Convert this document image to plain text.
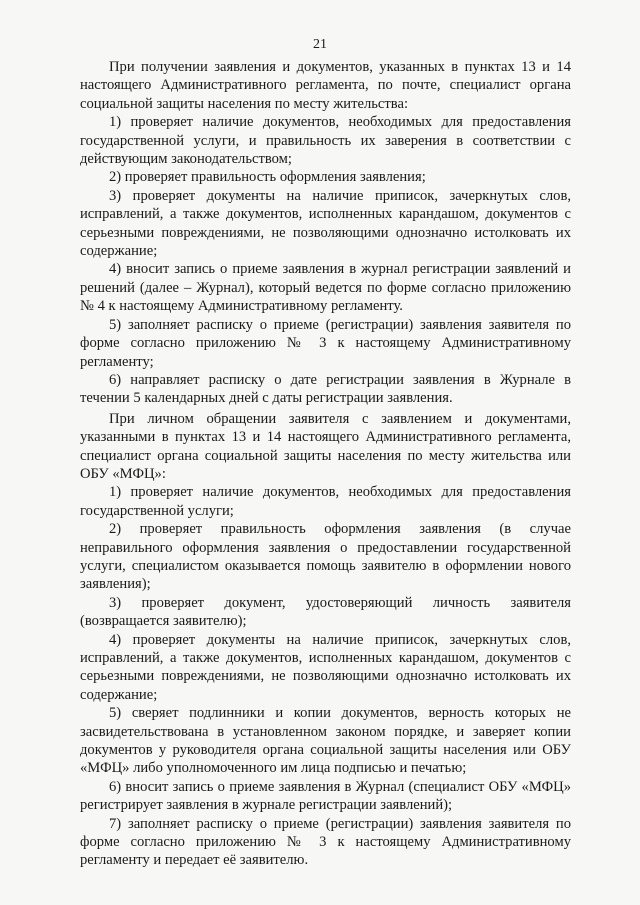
21

При получении заявления и документов, указанных в пунктах 13 и 14 настоящего Административного регламента, по почте, специалист органа социальной защиты населения по месту жительства:

1) проверяет наличие документов, необходимых для предоставления государственной услуги, и правильность их заверения в соответствии с действующим законодательством;

2) проверяет правильность оформления заявления;

3) проверяет документы на наличие приписок, зачеркнутых слов, исправлений, а также документов, исполненных карандашом, документов с серьезными повреждениями, не позволяющими однозначно истолковать их содержание;

4) вносит запись о приеме заявления в журнал регистрации заявлений и решений (далее – Журнал), который ведется по форме согласно приложению № 4 к настоящему Административному регламенту.

5) заполняет расписку о приеме (регистрации) заявления заявителя по форме согласно приложению № 3 к настоящему Административному регламенту;

6) направляет расписку о дате регистрации заявления в Журнале в течении 5 календарных дней с даты регистрации заявления.

При личном обращении заявителя с заявлением и документами, указанными в пунктах 13 и 14 настоящего Административного регламента, специалист органа социальной защиты населения по месту жительства или ОБУ «МФЦ»:

1) проверяет наличие документов, необходимых для предоставления государственной услуги;

2) проверяет правильность оформления заявления (в случае неправильного оформления заявления о предоставлении государственной услуги, специалистом оказывается помощь заявителю в оформлении нового заявления);

3) проверяет документ, удостоверяющий личность заявителя (возвращается заявителю);

4) проверяет документы на наличие приписок, зачеркнутых слов, исправлений, а также документов, исполненных карандашом, документов с серьезными повреждениями, не позволяющими однозначно истолковать их содержание;

5) сверяет подлинники и копии документов, верность которых не засвидетельствована в установленном законом порядке, и заверяет копии документов у руководителя органа социальной защиты населения или ОБУ «МФЦ» либо уполномоченного им лица подписью и печатью;

6) вносит запись о приеме заявления в Журнал (специалист ОБУ «МФЦ» регистрирует заявления в журнале регистрации заявлений);

7) заполняет расписку о приеме (регистрации) заявления заявителя по форме согласно приложению № 3 к настоящему Административному регламенту и передает её заявителю.
